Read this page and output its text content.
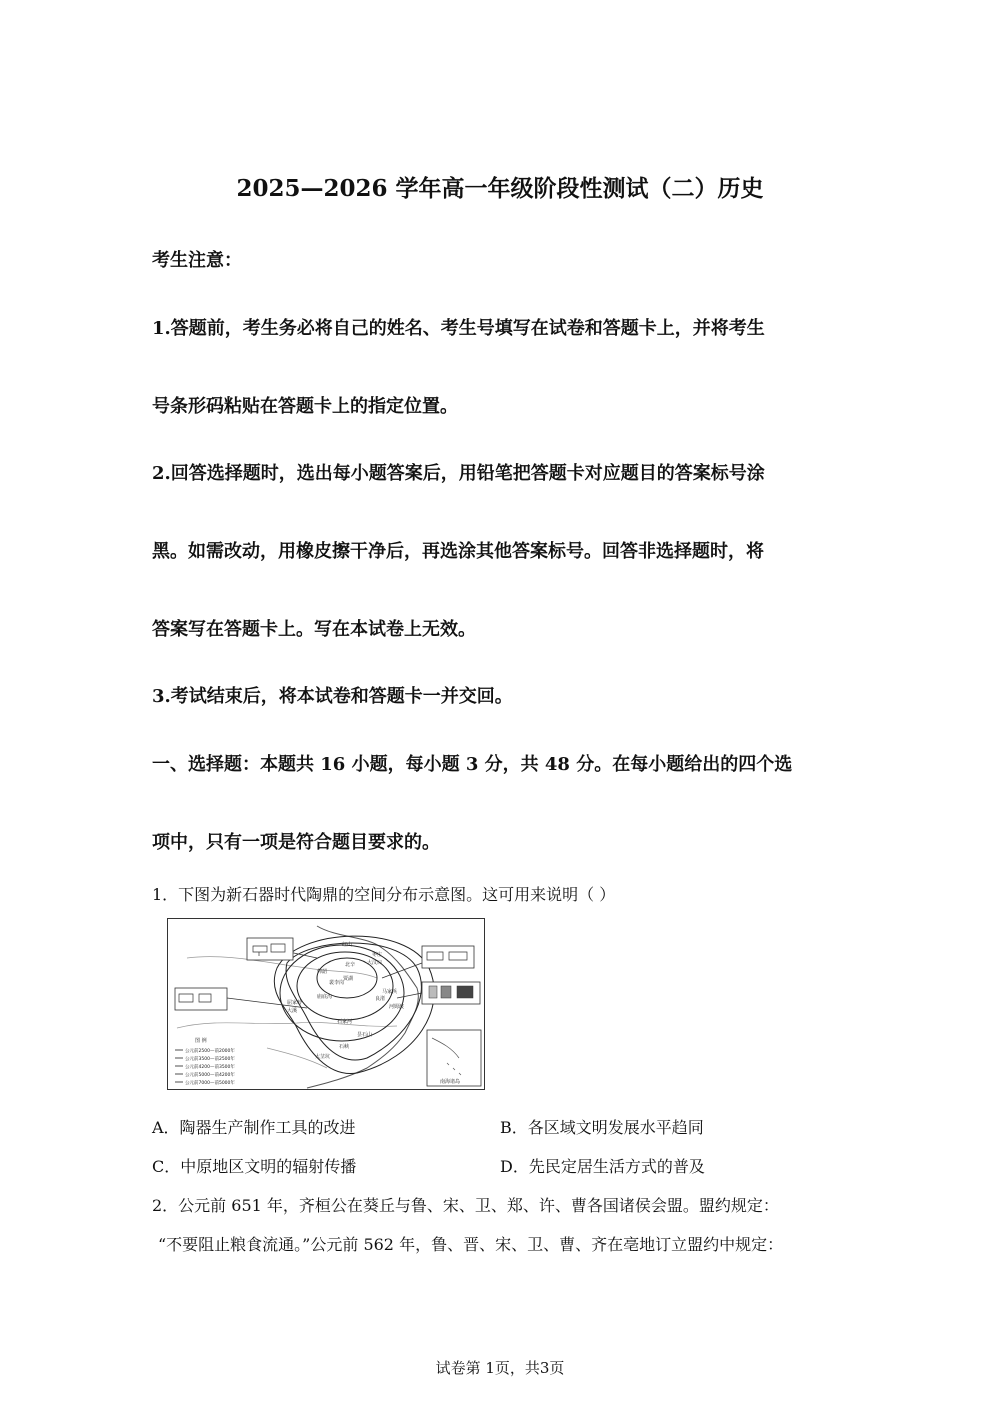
2025—2026 学年高一年级阶段性测试（二）历史
考生注意：
1.答题前，考生务必将自己的姓名、考生号填写在试卷和答题卡上，并将考生
号条形码粘贴在答题卡上的指定位置。
2.回答选择题时，选出每小题答案后，用铅笔把答题卡对应题目的答案标号涂
黑。如需改动，用橡皮擦干净后，再选涂其他答案标号。回答非选择题时，将
答案写在答题卡上。写在本试卷上无效。
3.考试结束后，将本试卷和答题卡一并交回。
一、选择题：本题共 16 小题，每小题 3 分，共 48 分。在每小题给出的四个选
项中，只有一项是符合题目要求的。
1．下图为新石器时代陶鼎的空间分布示意图。这可用来说明（ ）
红山
枣庄
大汶口
北辛
贾湖
裴李岗
仰韶
庙底沟
屈家岭
大溪
马家浜
河姆渡
良渚
石家河
昙石山
石峡
大坌坑
图 例
公元前2500—前2000年
公元前3500—前2500年
公元前4200—前3500年
公元前5000—前4200年
公元前7000—前5000年	南海诸岛
A．陶器生产制作工具的改进	B．各区域文明发展水平趋同
C．中原地区文明的辐射传播	D．先民定居生活方式的普及
2．公元前 651 年，齐桓公在葵丘与鲁、宋、卫、郑、许、曹各国诸侯会盟。盟约规定：
“不要阻止粮食流通。”公元前 562 年，鲁、晋、宋、卫、曹、齐在亳地订立盟约中规定：
试卷第 1页，共3页
